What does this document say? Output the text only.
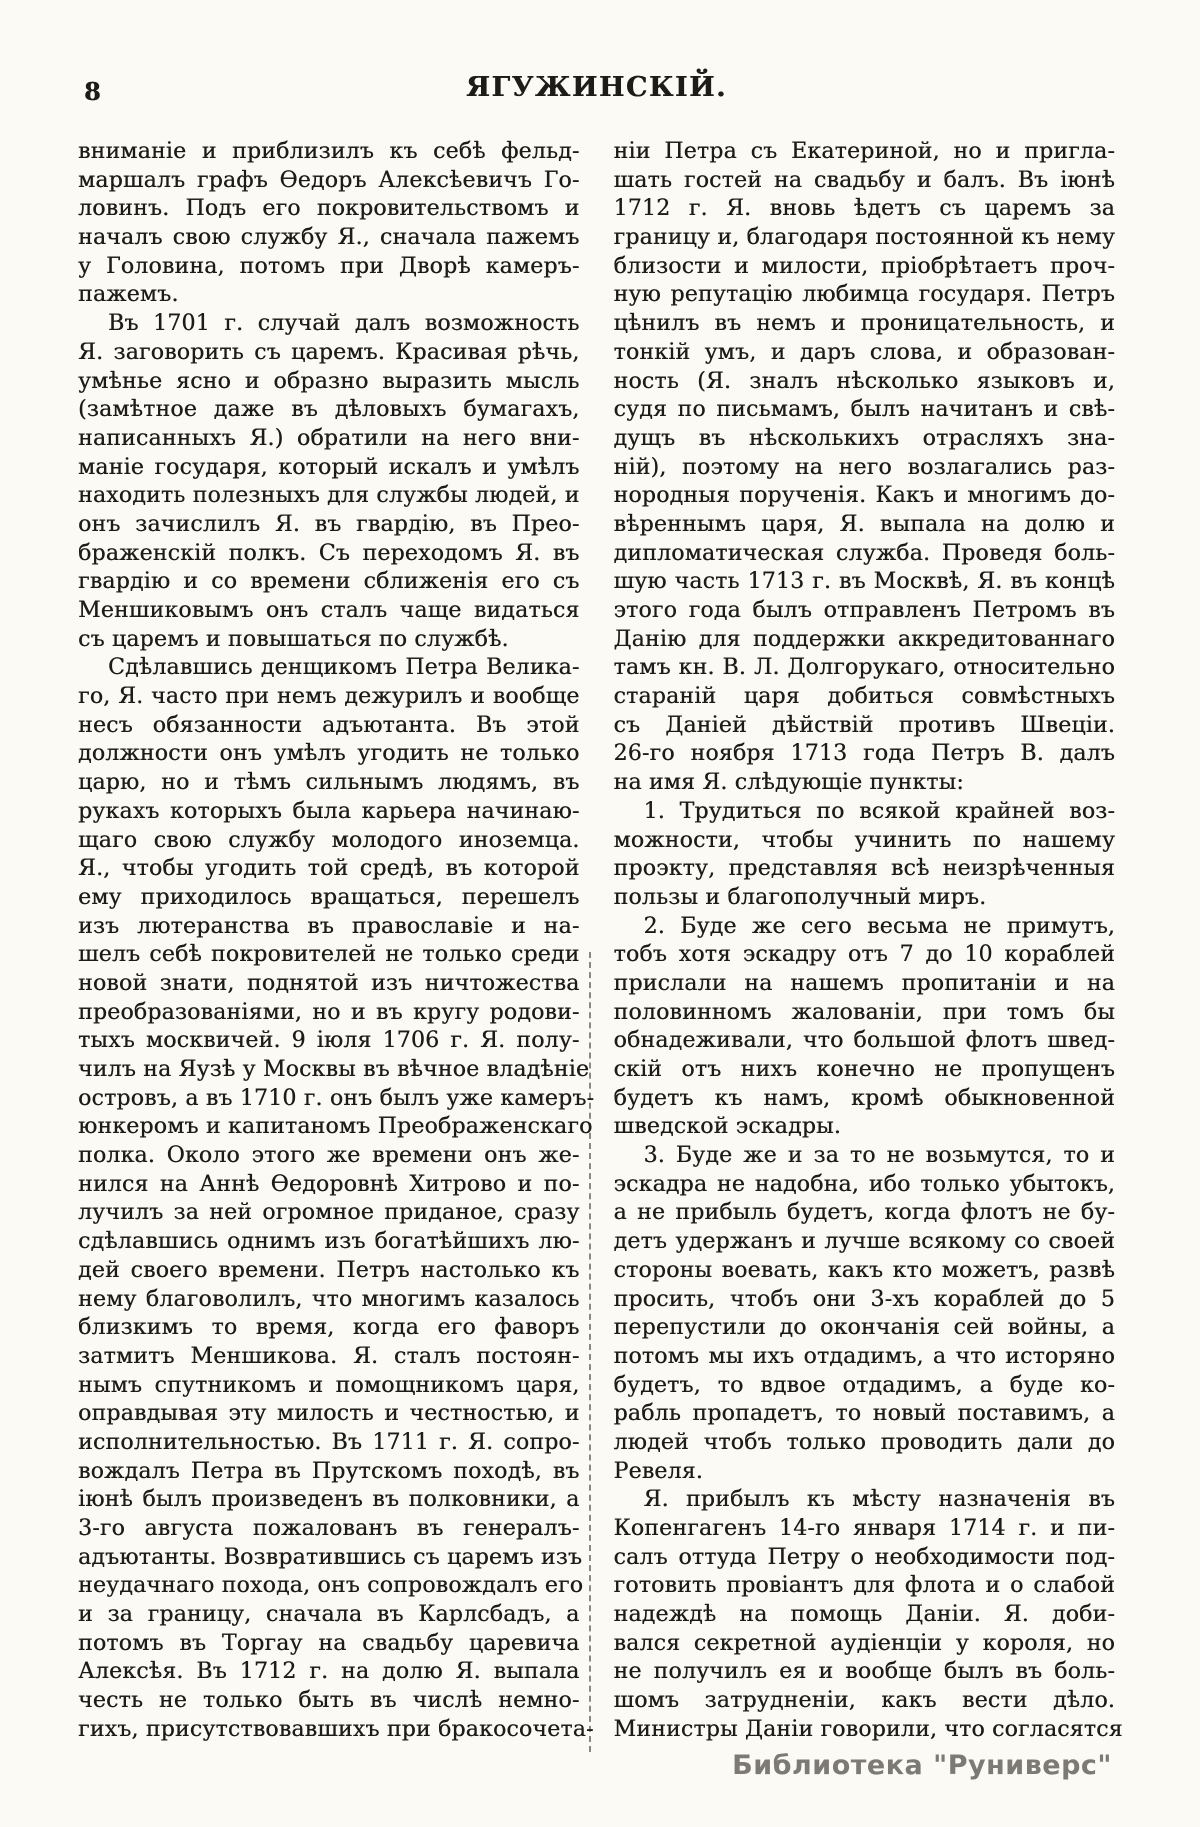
8	ЯГУЖИНСКІЙ.
вниманіе и приблизилъ къ себѣ фельд-
маршалъ графъ Ѳедоръ Алексѣевичъ Го-
ловинъ. Подъ его покровительствомъ и
началъ свою службу Я., сначала пажемъ
у Головина, потомъ при Дворѣ камеръ-
пажемъ.
Въ 1701 г. случай далъ возможность
Я. заговорить съ царемъ. Красивая рѣчь,
умѣнье ясно и образно выразить мысль
(замѣтное даже въ дѣловыхъ бумагахъ,
написанныхъ Я.) обратили на него вни-
маніе государя, который искалъ и умѣлъ
находить полезныхъ для службы людей, и
онъ зачислилъ Я. въ гвардію, въ Прео-
браженскій полкъ. Съ переходомъ Я. въ
гвардію и со времени сближенія его съ
Меншиковымъ онъ сталъ чаще видаться
съ царемъ и повышаться по службѣ.
Сдѣлавшись денщикомъ Петра Велика-
го, Я. часто при немъ дежурилъ и вообще
несъ обязанности адъютанта. Въ этой
должности онъ умѣлъ угодить не только
царю, но и тѣмъ сильнымъ людямъ, въ
рукахъ которыхъ была карьера начинаю-
щаго свою службу молодого иноземца.
Я., чтобы угодить той средѣ, въ которой
ему приходилось вращаться, перешелъ
изъ лютеранства въ православіе и на-
шелъ себѣ покровителей не только среди
новой знати, поднятой изъ ничтожества
преобразованіями, но и въ кругу родови-
тыхъ москвичей. 9 іюля 1706 г. Я. полу-
чилъ на Яузѣ у Москвы въ вѣчное владѣніе
островъ, а въ 1710 г. онъ былъ уже камеръ-
юнкеромъ и капитаномъ Преображенскаго
полка. Около этого же времени онъ же-
нился на Аннѣ Ѳедоровнѣ Хитрово и по-
лучилъ за ней огромное приданое, сразу
сдѣлавшись однимъ изъ богатѣйшихъ лю-
дей своего времени. Петръ настолько къ
нему благоволилъ, что многимъ казалось
близкимъ то время, когда его фаворъ
затмитъ Меншикова. Я. сталъ постоян-
нымъ спутникомъ и помощникомъ царя,
оправдывая эту милость и честностью, и
исполнительностью. Въ 1711 г. Я. сопро-
вождалъ Петра въ Прутскомъ походѣ, въ
іюнѣ былъ произведенъ въ полковники, а
3-го августа пожалованъ въ генералъ-
адъютанты. Возвратившись съ царемъ изъ
неудачнаго похода, онъ сопровождалъ его
и за границу, сначала въ Карлсбадъ, а
потомъ въ Торгау на свадьбу царевича
Алексѣя. Въ 1712 г. на долю Я. выпала
честь не только быть въ числѣ немно-
гихъ, присутствовавшихъ при бракосочета-
ніи Петра съ Екатериной, но и пригла-
шать гостей на свадьбу и балъ. Въ іюнѣ
1712 г. Я. вновь ѣдетъ съ царемъ за
границу и, благодаря постоянной къ нему
близости и милости, пріобрѣтаетъ проч-
ную репутацію любимца государя. Петръ
цѣнилъ въ немъ и проницательность, и
тонкій умъ, и даръ слова, и образован-
ность (Я. зналъ нѣсколько языковъ и,
судя по письмамъ, былъ начитанъ и свѣ-
дущъ въ нѣсколькихъ отрасляхъ зна-
ній), поэтому на него возлагались раз-
нородныя порученія. Какъ и многимъ до-
вѣреннымъ царя, Я. выпала на долю и
дипломатическая служба. Проведя боль-
шую часть 1713 г. въ Москвѣ, Я. въ концѣ
этого года былъ отправленъ Петромъ въ
Данію для поддержки аккредитованнаго
тамъ кн. В. Л. Долгорукаго, относительно
стараній царя добиться совмѣстныхъ
съ Даніей дѣйствій противъ Швеціи.
26-го ноября 1713 года Петръ В. далъ
на имя Я. слѣдующіе пункты:
1. Трудиться по всякой крайней воз-
можности, чтобы учинить по нашему
проэкту, представляя всѣ неизрѣченныя
пользы и благополучный миръ.
2. Буде же сего весьма не примутъ,
тобъ хотя эскадру отъ 7 до 10 кораблей
прислали на нашемъ пропитаніи и на
половинномъ жалованіи, при томъ бы
обнадеживали, что большой флотъ швед-
скій отъ нихъ конечно не пропущенъ
будетъ къ намъ, кромѣ обыкновенной
шведской эскадры.
3. Буде же и за то не возьмутся, то и
эскадра не надобна, ибо только убытокъ,
а не прибыль будетъ, когда флотъ не бу-
детъ удержанъ и лучше всякому со своей
стороны воевать, какъ кто можетъ, развѣ
просить, чтобъ они 3-хъ кораблей до 5
перепустили до окончанія сей войны, а
потомъ мы ихъ отдадимъ, а что исторяно
будетъ, то вдвое отдадимъ, а буде ко-
рабль пропадетъ, то новый поставимъ, а
людей чтобъ только проводить дали до
Ревеля.
Я. прибылъ къ мѣсту назначенія въ
Копенгагенъ 14-го января 1714 г. и пи-
салъ оттуда Петру о необходимости под-
готовить провіантъ для флота и о слабой
надеждѣ на помощь Даніи. Я. доби-
вался секретной аудіенціи у короля, но
не получилъ ея и вообще былъ въ боль-
шомъ затрудненіи, какъ вести дѣло.
Министры Даніи говорили, что согласятся
Библиотека "Руниверс"
